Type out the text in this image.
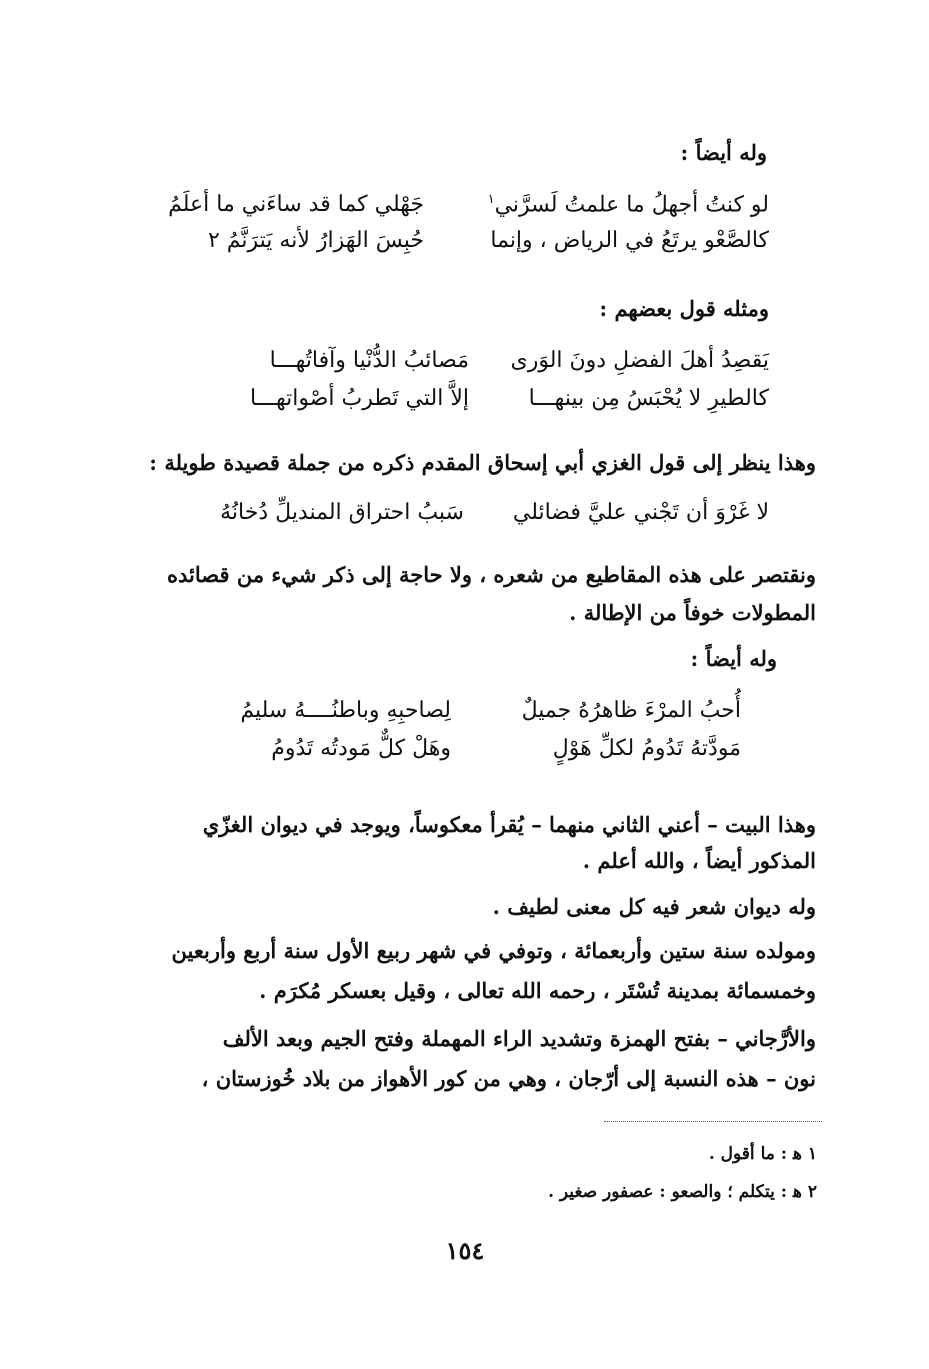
وله أيضاً :
لو كنتُ أجهلُ ما علمتُ لَسرَّني$^١$
جَهْلي كما قد ساءَني ما أعلَمُ
كالصَّعْو يرتَعُ في الرياض ، وإنما
حُبِسَ الهَزارُ لأنه يَترَنَّمُ ٢
ومثله قول بعضهم :
يَقصِدُ أهلَ الفضلِ دونَ الوَرى
مَصائبُ الدُّنْيا وآفاتُهـــا
كالطيرِ لا يُحْبَسُ مِن بينهـــا
إلاَّ التي تَطربُ أصْواتهـــا
وهذا ينظر إلى قول الغزي أبي إسحاق المقدم ذكره من جملة قصيدة طويلة :
لا غَرْوَ أن تَجْني عليَّ فضائلي
سَببُ احتراق المنديلِّ دُخانُهُ
ونقتصر على هذه المقاطيع من شعره ، ولا حاجة إلى ذكر شيء من قصائده
المطولات خوفاً من الإطالة .
وله أيضاً :
أُحبُ المرْءَ ظاهرُهُ جميلٌ
لِصاحبِهِ وباطنُــــهُ سليمُ
مَودَّتهُ تَدُومُ لكلِّ هَوْلٍ
وهَلْ كلٌّ مَودتُه تَدُومُ
وهذا البيت – أعني الثاني منهما – يُقرأ معكوساً، ويوجد في ديوان الغزّي
المذكور أيضاً ، والله أعلم .
وله ديوان شعر فيه كل معنى لطيف .
ومولده سنة ستين وأربعمائة ، وتوفي في شهر ربيع الأول سنة أربع وأربعين
وخمسمائة بمدينة تُسْتَر ، رحمه الله تعالى ، وقيل بعسكر مُكرَم .
والأرَّجاني – بفتح الهمزة وتشديد الراء المهملة وفتح الجيم وبعد الألف
نون – هذه النسبة إلى أرّجان ، وهي من كور الأهواز من بلاد خُوزستان ،
١ ﻫ : ما أقول .
٢ ﻫ : يتكلم ؛ والصعو : عصفور صغير .
١٥٤
